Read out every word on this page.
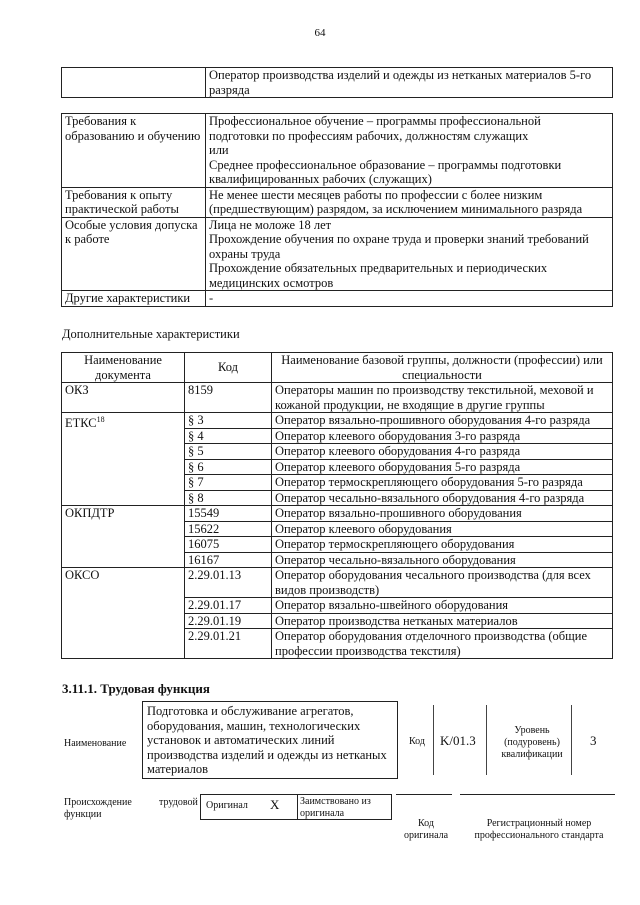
64
	Оператор производства изделий и одежды из нетканых материалов 5-го разряда
Требования к образованию и обучению	Профессиональное обучение – программы профессиональной
подготовки по профессиям рабочих, должностям служащих
или
Среднее профессиональное образование – программы подготовки
квалифицированных рабочих (служащих)

Требования к опыту практической работы	Не менее шести месяцев работы по профессии с более низким
(предшествующим) разрядом, за исключением минимального разряда

Особые условия допуска к работе	Лица не моложе 18 лет
Прохождение обучения по охране труда и проверки знаний требований
охраны труда
Прохождение обязательных предварительных и периодических
медицинских осмотров

Другие характеристики	-
Дополнительные характеристики
Наименование документа	Код	Наименование базовой группы, должности (профессии) или специальности
ОКЗ	8159	Операторы машин по производству текстильной, меховой и кожаной продукции, не входящие в другие группы
ЕТКС$^{18}$	§ 3	Оператор вязально-прошивного оборудования 4-го разряда
	§ 4	Оператор клеевого оборудования 3-го разряда
	§ 5	Оператор клеевого оборудования 4-го разряда
	§ 6	Оператор клеевого оборудования 5-го разряда
	§ 7	Оператор термоскрепляющего оборудования 5-го разряда
	§ 8	Оператор чесально-вязального оборудования 4-го разряда
ОКПДТР	15549	Оператор вязально-прошивного оборудования
	15622	Оператор клеевого оборудования
	16075	Оператор термоскрепляющего оборудования
	16167	Оператор чесально-вязального оборудования
ОКСО	2.29.01.13	Оператор оборудования чесального производства (для всех видов производств)
	2.29.01.17	Оператор вязально-швейного оборудования
	2.29.01.19	Оператор производства нетканых материалов
	2.29.01.21	Оператор оборудования отделочного производства (общие профессии производства текстиля)
3.11.1. Трудовая функция
Наименование
Подготовка и обслуживание агрегатов, оборудования, машин, технологических установок и автоматических линий производства изделий и одежды из нетканых материалов
Код K/01.3
Уровень (подуровень) квалификации
3
Происхождение	трудовой
функции
Оригинал X Заимствовано из оригинала
Код оригинала
Регистрационный номер профессионального стандарта
